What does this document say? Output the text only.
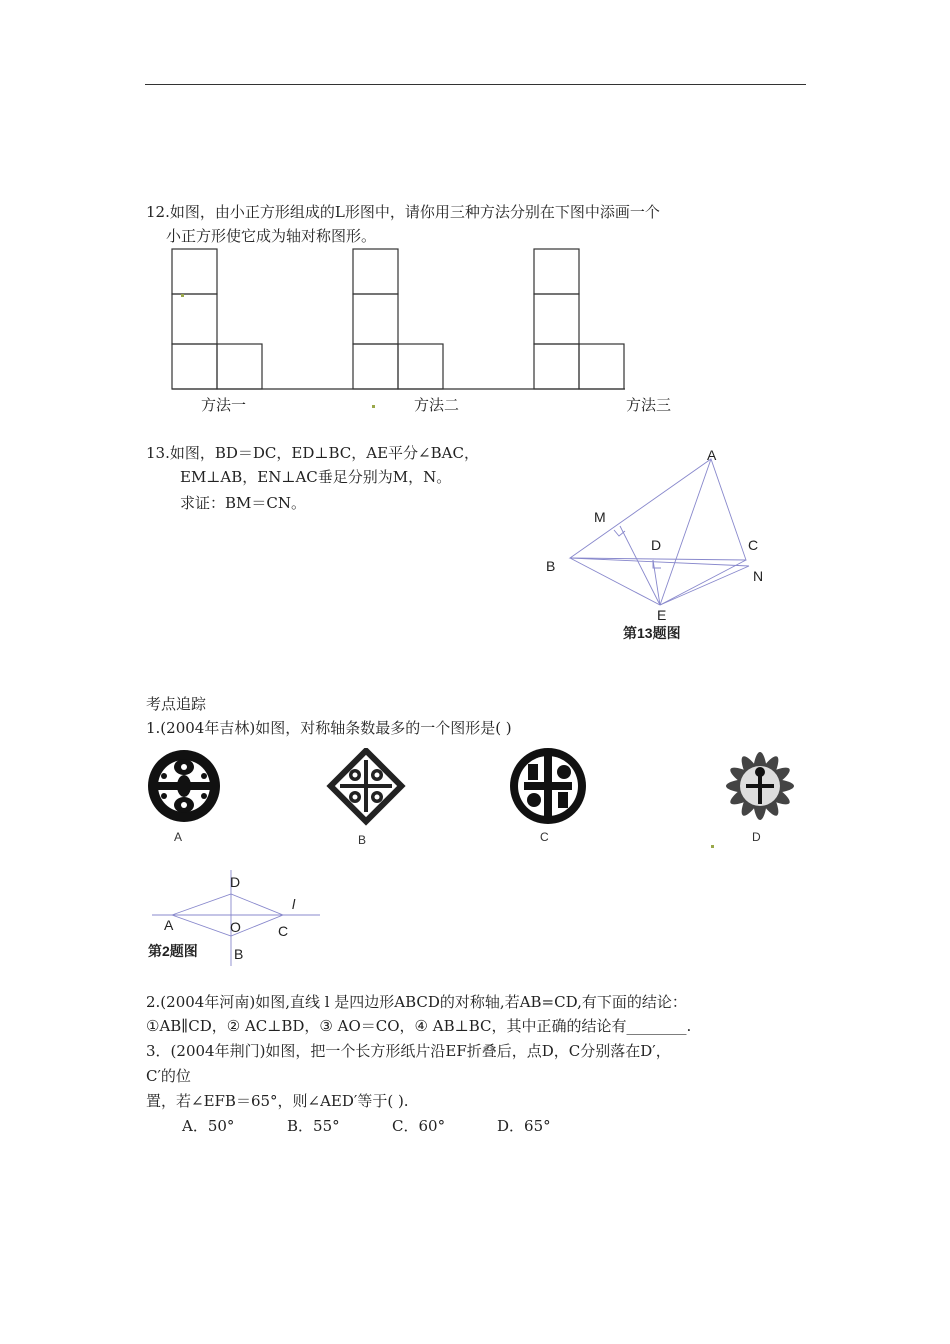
12.如图，由小正方形组成的L形图中，请你用三种方法分别在下图中添画一个
小正方形使它成为轴对称图形。
方法一	方法二	方法三
13.如图，BD＝DC，ED⊥BC，AE平分∠BAC，
EM⊥AB，EN⊥AC垂足分别为M，N。
求证：BM＝CN。
A
M
D	C
B
N
E
第13题图
考点追踪
1.(2004年吉林)如图，对称轴条数最多的一个图形是( )
A	B	C	D
D
l
A	O	C
B
第2题图
2.(2004年河南)如图,直线 l 是四边形ABCD的对称轴,若AB=CD,有下面的结论：
①AB∥CD，② AC⊥BD，③ AO＝CO，④ AB⊥BC，其中正确的结论有________.
3．(2004年荆门)如图，把一个长方形纸片沿EF折叠后，点D，C分别落在D′，
C′的位
置，若∠EFB＝65°，则∠AED′等于( ).
A．50°	B．55°	C．60°	D．65°
